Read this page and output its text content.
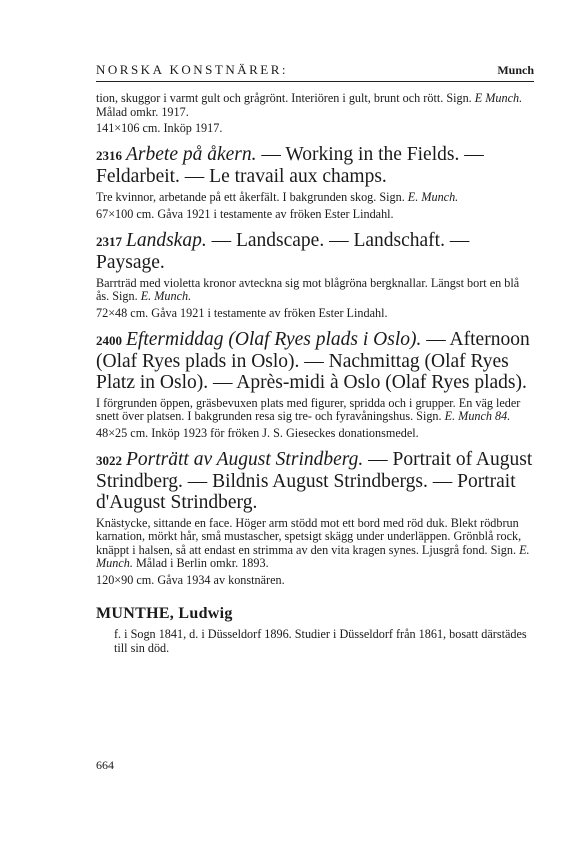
NORSKA KONSTNÄRER:	Munch

tion, skuggor i varmt gult och grågrönt. Interiören i gult, brunt och rött. Sign. E Munch. Målad omkr. 1917.

141×106 cm. Inköp 1917.

2316 Arbete på åkern. — Working in the Fields. — Feldarbeit. — Le travail aux champs.

Tre kvinnor, arbetande på ett åkerfält. I bakgrunden skog. Sign. E. Munch.

67×100 cm. Gåva 1921 i testamente av fröken Ester Lindahl.

2317 Landskap. — Landscape. — Landschaft. — Paysage.

Barrträd med violetta kronor avteckna sig mot blågröna bergknallar. Längst bort en blå ås. Sign. E. Munch.

72×48 cm. Gåva 1921 i testamente av fröken Ester Lindahl.

2400 Eftermiddag (Olaf Ryes plads i Oslo). — Afternoon (Olaf Ryes plads in Oslo). — Nachmittag (Olaf Ryes Platz in Oslo). — Après-midi à Oslo (Olaf Ryes plads).

I förgrunden öppen, gräsbevuxen plats med figurer, spridda och i grupper. En väg leder snett över platsen. I bakgrunden resa sig tre- och fyravåningshus. Sign. E. Munch 84.

48×25 cm. Inköp 1923 för fröken J. S. Gieseckes donationsmedel.

3022 Porträtt av August Strindberg. — Portrait of August Strindberg. — Bildnis August Strindbergs. — Portrait d'August Strindberg.

Knästycke, sittande en face. Höger arm stödd mot ett bord med röd duk. Blekt rödbrun karnation, mörkt hår, små mustascher, spetsigt skägg under underläppen. Grönblå rock, knäppt i halsen, så att endast en strimma av den vita kragen synes. Ljusgrå fond. Sign. E. Munch. Målad i Berlin omkr. 1893.

120×90 cm. Gåva 1934 av konstnären.

MUNTHE, Ludwig

f. i Sogn 1841, d. i Düsseldorf 1896. Studier i Düsseldorf från 1861, bosatt därstädes till sin död.

664
